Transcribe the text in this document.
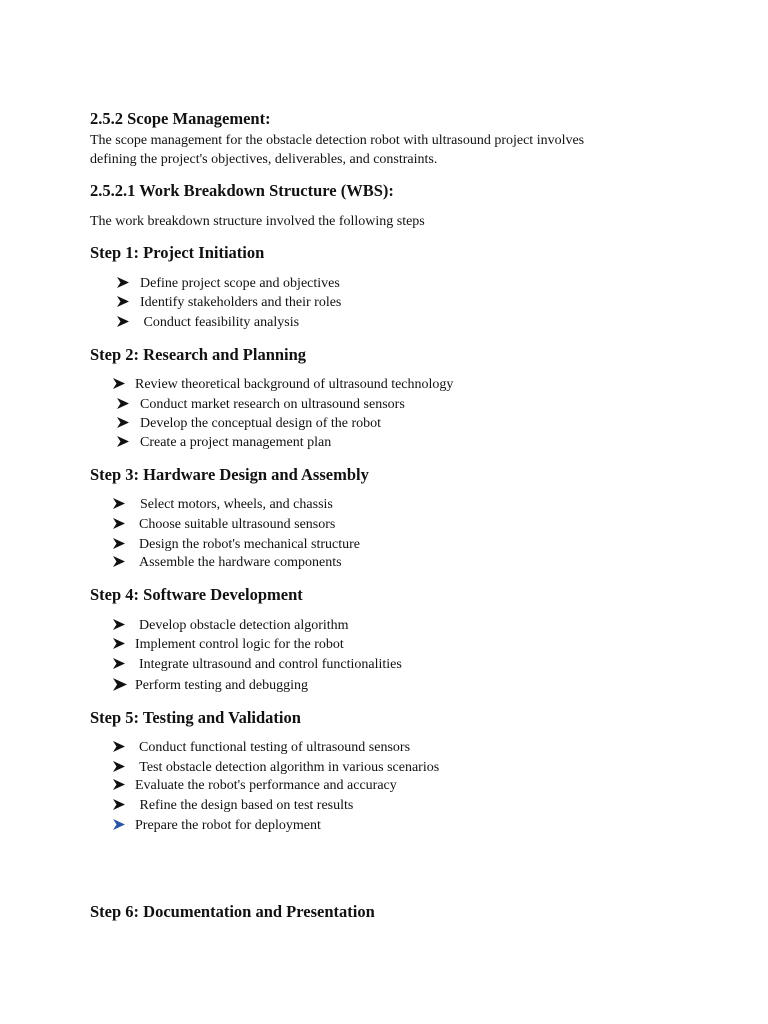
2.5.2 Scope Management:
The scope management for the obstacle detection robot with ultrasound project involves
defining the project's objectives, deliverables, and constraints.
2.5.2.1 Work Breakdown Structure (WBS):
The work breakdown structure involved the following steps
Step 1: Project Initiation
Define project scope and objectives
Identify stakeholders and their roles
Conduct feasibility analysis
Step 2: Research and Planning
Review theoretical background of ultrasound technology
Conduct market research on ultrasound sensors
Develop the conceptual design of the robot
Create a project management plan
Step 3: Hardware Design and Assembly
Select motors, wheels, and chassis
Choose suitable ultrasound sensors
Design the robot's mechanical structure
Assemble the hardware components
Step 4: Software Development
Develop obstacle detection algorithm
Implement control logic for the robot
Integrate ultrasound and control functionalities
Perform testing and debugging
Step 5: Testing and Validation
Conduct functional testing of ultrasound sensors
Test obstacle detection algorithm in various scenarios
Evaluate the robot's performance and accuracy
Refine the design based on test results
Prepare the robot for deployment
Step 6: Documentation and Presentation
